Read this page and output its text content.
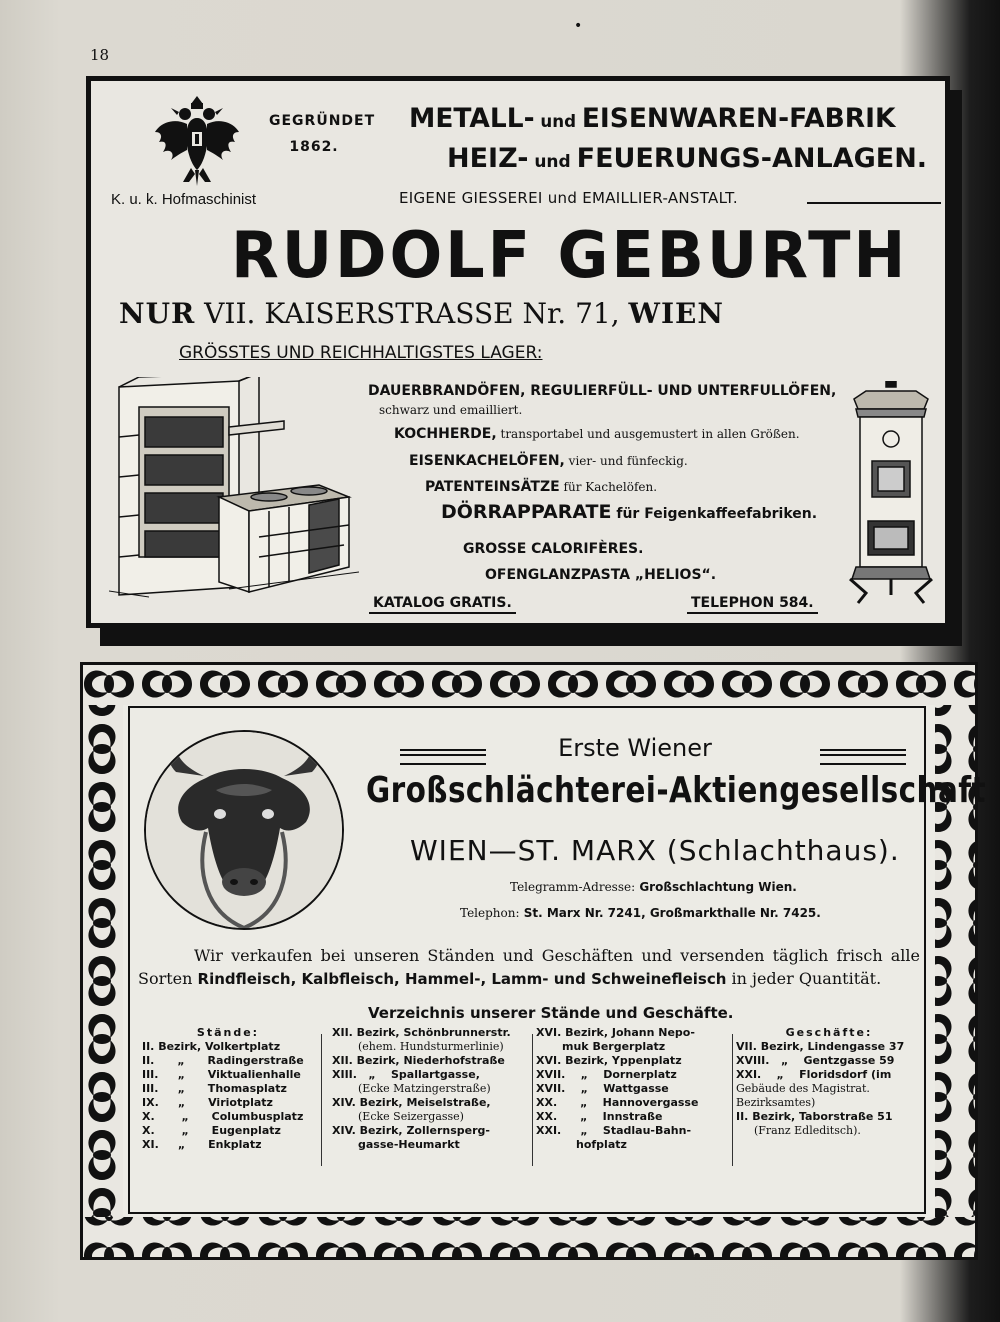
•
18
K. u. k. Hofmaschinist
GEGRÜNDET
1862.
METALL- und EISENWAREN-FABRIK
HEIZ- und FEUERUNGS-ANLAGEN.
EIGENE GIESSEREI und EMAILLIER-ANSTALT.
RUDOLF GEBURTH
NUR VII. KAISERSTRASSE Nr. 71, WIEN
GRÖSSTES UND REICHHALTIGSTES LAGER:
DAUERBRANDÖFEN, REGULIERFÜLL- UND UNTERFULLÖFEN,
schwarz und emailliert.
KOCHHERDE, transportabel und ausgemustert in allen Größen.
EISENKACHELÖFEN, vier- und fünfeckig.
PATENTEINSÄTZE für Kachelöfen.
DÖRRAPPARATE für Feigenkaffeefabriken.
GROSSE CALORIFÈRES.
OFENGLANZPASTA „HELIOS“.
KATALOG GRATIS.	TELEPHON 584.
Erste Wiener
Großschlächterei-Aktiengesellschaft
WIEN—ST. MARX (Schlachthaus).
Telegramm-Adresse: Großschlachtung Wien.
Telephon: St. Marx Nr. 7241, Großmarkthalle Nr. 7425.
Wir verkaufen bei unseren Ständen und Geschäften und versenden täglich frisch alle
Sorten Rindfleisch, Kalbfleisch, Hammel-, Lamm- und Schweinefleisch in jeder Quantität.
Verzeichnis unserer Stände und Geschäfte.
Stände:
II. Bezirk, Volkertplatz
II.      „      Radingerstraße
III.     „      Viktualienhalle
III.     „      Thomasplatz
IX.     „      Viriotplatz
X.       „      Columbusplatz
X.       „      Eugenplatz
XI.     „      Enkplatz
XII. Bezirk, Schönbrunnerstr.
(ehem. Hundsturmerlinie)
XII. Bezirk, Niederhofstraße
XIII.   „    Spallartgasse,
(Ecke Matzingerstraße)
XIV. Bezirk, Meiselstraße,
(Ecke Seizergasse)
XIV. Bezirk, Zollernsperg-
gasse-Heumarkt
XVI. Bezirk, Johann Nepo-
muk Bergerplatz
XVI. Bezirk, Yppenplatz
XVII.    „    Dornerplatz
XVII.    „    Wattgasse
XX.      „    Hannovergasse
XX.      „    Innstraße
XXI.     „    Stadlau-Bahn-
hofplatz
Geschäfte:
VII. Bezirk, Lindengasse 37
XVIII.   „    Gentzgasse 59
XXI.    „    Floridsdorf (im
Gebäude des Magistrat.
Bezirksamtes)
II. Bezirk, Taborstraße 51
(Franz Edleditsch).
